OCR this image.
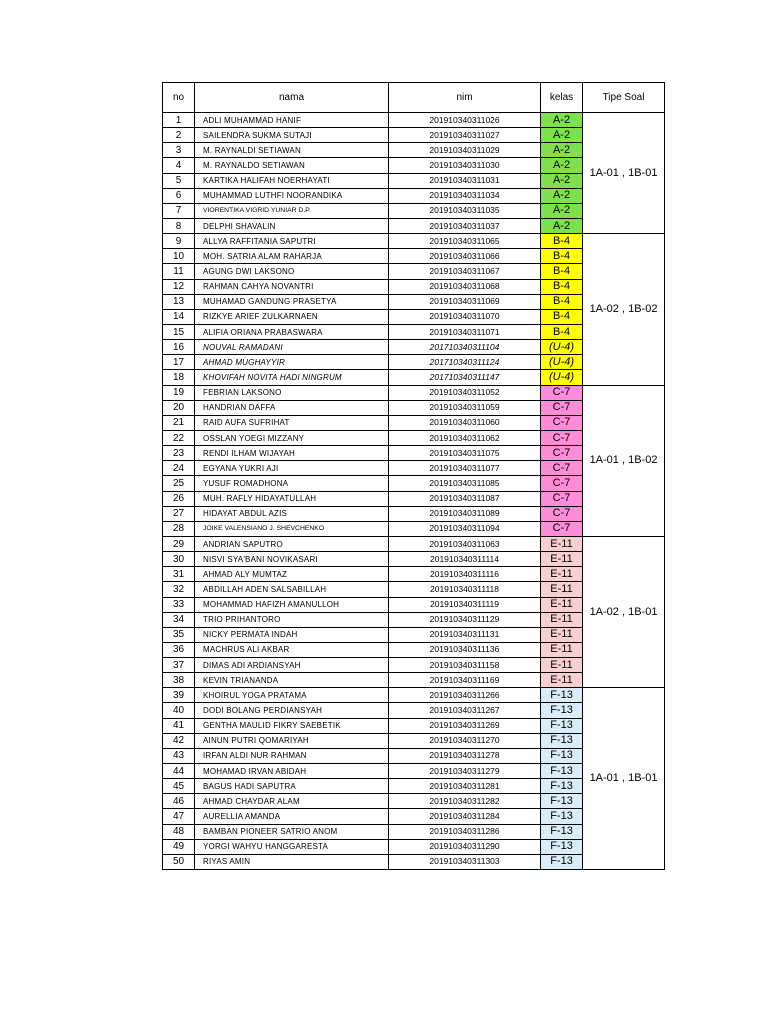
no	nama	nim	kelas	Tipe Soal
1	ADLI MUHAMMAD HANIF	201910340311026	A-2	1A-01 , 1B-01
2	SAILENDRA SUKMA SUTAJI	201910340311027	A-2	
3	M. RAYNALDI SETIAWAN	201910340311029	A-2	
4	M. RAYNALDO SETIAWAN	201910340311030	A-2	
5	KARTIKA HALIFAH NOERHAYATI	201910340311031	A-2	
6	MUHAMMAD LUTHFI NOORANDIKA	201910340311034	A-2	
7	VIORENTIKA VIGRID YUNIAR D.P.	201910340311035	A-2	
8	DELPHI SHAVALIN	201910340311037	A-2	
9	ALLYA RAFFITANIA SAPUTRI	201910340311065	B-4	1A-02 , 1B-02
10	MOH. SATRIA ALAM RAHARJA	201910340311066	B-4	
11	AGUNG DWI LAKSONO	201910340311067	B-4	
12	RAHMAN CAHYA NOVANTRI	201910340311068	B-4	
13	MUHAMAD GANDUNG PRASETYA	201910340311069	B-4	
14	RIZKYE ARIEF ZULKARNAEN	201910340311070	B-4	
15	ALIFIA ORIANA PRABASWARA	201910340311071	B-4	
16	NOUVAL RAMADANI	201710340311104	(U-4)	
17	AHMAD MUGHAYYIR	201710340311124	(U-4)	
18	KHOVIFAH NOVITA HADI NINGRUM	201710340311147	(U-4)	
19	FEBRIAN LAKSONO	201910340311052	C-7	1A-01 , 1B-02
20	HANDRIAN DAFFA	201910340311059	C-7	
21	RAID AUFA SUFRIHAT	201910340311060	C-7	
22	OSSLAN YOEGI MIZZANY	201910340311062	C-7	
23	RENDI ILHAM WIJAYAH	201910340311075	C-7	
24	EGYANA YUKRI AJI	201910340311077	C-7	
25	YUSUF ROMADHONA	201910340311085	C-7	
26	MUH. RAFLY HIDAYATULLAH	201910340311087	C-7	
27	HIDAYAT ABDUL AZIS	201910340311089	C-7	
28	JOIKE VALENSIANO J. SHEVCHENKO	201910340311094	C-7	
29	ANDRIAN SAPUTRO	201910340311063	E-11	1A-02 , 1B-01
30	NISVI SYA'BANI NOVIKASARI	201910340311114	E-11	
31	AHMAD ALY MUMTAZ	201910340311116	E-11	
32	ABDILLAH ADEN SALSABILLAH	201910340311118	E-11	
33	MOHAMMAD HAFIZH AMANULLOH	201910340311119	E-11	
34	TRIO PRIHANTORO	201910340311129	E-11	
35	NICKY PERMATA INDAH	201910340311131	E-11	
36	MACHRUS ALI AKBAR	201910340311136	E-11	
37	DIMAS ADI ARDIANSYAH	201910340311158	E-11	
38	KEVIN TRIANANDA	201910340311169	E-11	
39	KHOIRUL YOGA PRATAMA	201910340311266	F-13	1A-01 , 1B-01
40	DODI BOLANG PERDIANSYAH	201910340311267	F-13	
41	GENTHA MAULID FIKRY SAEBETIK	201910340311269	F-13	
42	AINUN PUTRI QOMARIYAH	201910340311270	F-13	
43	IRFAN ALDI NUR RAHMAN	201910340311278	F-13	
44	MOHAMAD IRVAN ABIDAH	201910340311279	F-13	
45	BAGUS HADI SAPUTRA	201910340311281	F-13	
46	AHMAD CHAYDAR ALAM	201910340311282	F-13	
47	AURELLIA AMANDA	201910340311284	F-13	
48	BAMBAN PIONEER SATRIO ANOM	201910340311286	F-13	
49	YORGI WAHYU HANGGARESTA	201910340311290	F-13	
50	RIYAS AMIN	201910340311303	F-13	
